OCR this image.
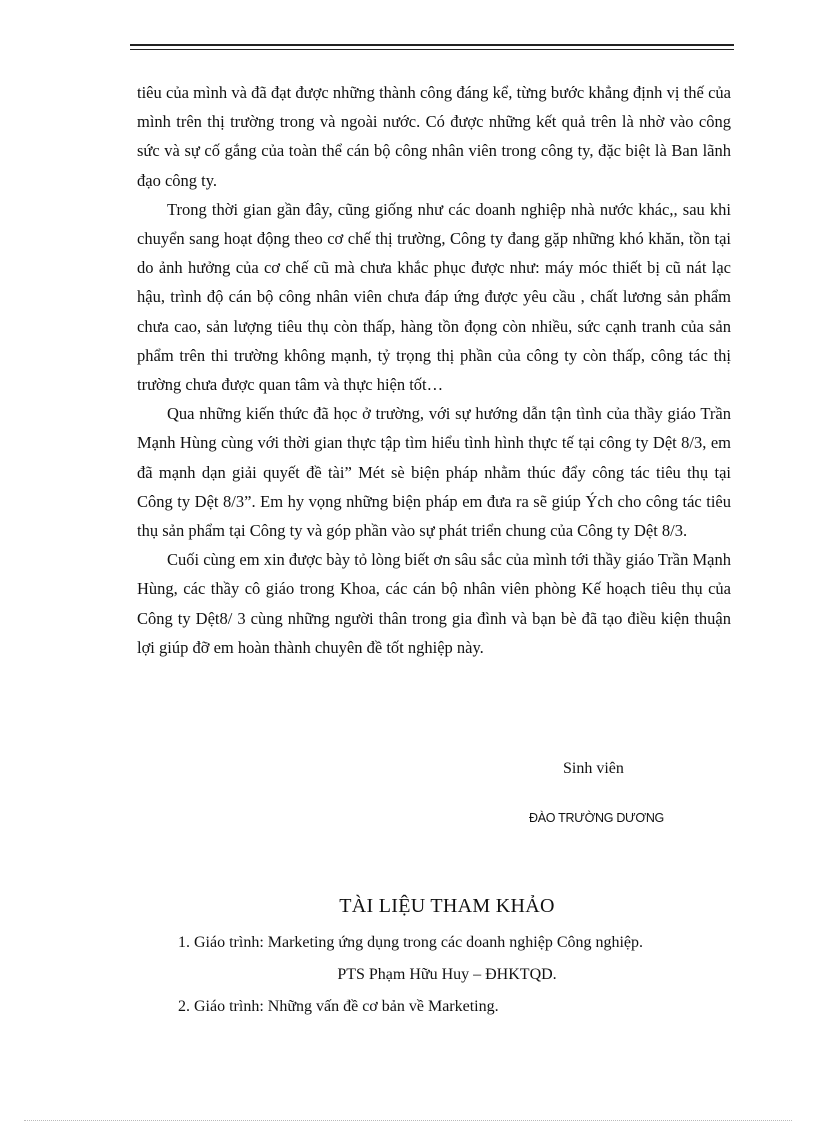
tiêu của mình và đã đạt được những thành công đáng kể, từng bước khẳng định vị thế của mình trên thị trường trong và ngoài nước. Có được những kết quả trên là nhờ vào công sức và sự cố gắng của toàn thể cán bộ công nhân viên trong công ty, đặc biệt là Ban lãnh đạo công ty.

Trong thời gian gần đây, cũng giống như các doanh nghiệp nhà nước khác,, sau khi chuyển sang hoạt động theo cơ chế thị trường, Công ty đang gặp những khó khăn, tồn tại do ảnh hưởng của cơ chế cũ mà chưa khắc phục được như: máy móc thiết bị cũ nát lạc hậu, trình độ cán bộ công nhân viên chưa đáp ứng được yêu cầu , chất lương sản phẩm chưa cao, sản lượng tiêu thụ còn thấp, hàng tồn đọng còn nhiều, sức cạnh tranh của sản phẩm trên thi trường không mạnh, tỷ trọng thị phần của công ty còn thấp, công tác thị trường chưa được quan tâm và thực hiện tốt…

Qua những kiến thức đã học ở trường, với sự hướng dẫn tận tình của thầy giáo Trần Mạnh Hùng cùng với thời gian thực tập tìm hiểu tình hình thực tế tại công ty Dệt 8/3, em đã mạnh dạn giải quyết đề tài” Mét sè biện pháp nhằm thúc đẩy công tác tiêu thụ tại Công ty Dệt 8/3”. Em hy vọng những biện pháp em đưa ra sẽ giúp Ých cho công tác tiêu thụ sản phẩm tại Công ty và góp phần vào sự phát triển chung của Công ty Dệt 8/3.

Cuối cùng em xin được bày tỏ lòng biết ơn sâu sắc của mình tới thầy giáo Trần Mạnh Hùng, các thầy cô giáo trong Khoa, các cán bộ nhân viên phòng Kế hoạch tiêu thụ của Công ty Dệt8/ 3 cùng những người thân trong gia đình và bạn bè đã tạo điều kiện thuận lợi giúp đỡ em hoàn thành chuyên đề tốt nghiệp này.

Sinh viên
ĐÀO TRƯỜNG DƯƠNG
TÀI LIỆU THAM KHẢO
1. Giáo trình: Marketing ứng dụng trong các doanh nghiệp Công nghiệp.
PTS Phạm Hữu Huy – ĐHKTQD.
2. Giáo trình: Những vấn đề cơ bản về Marketing.
